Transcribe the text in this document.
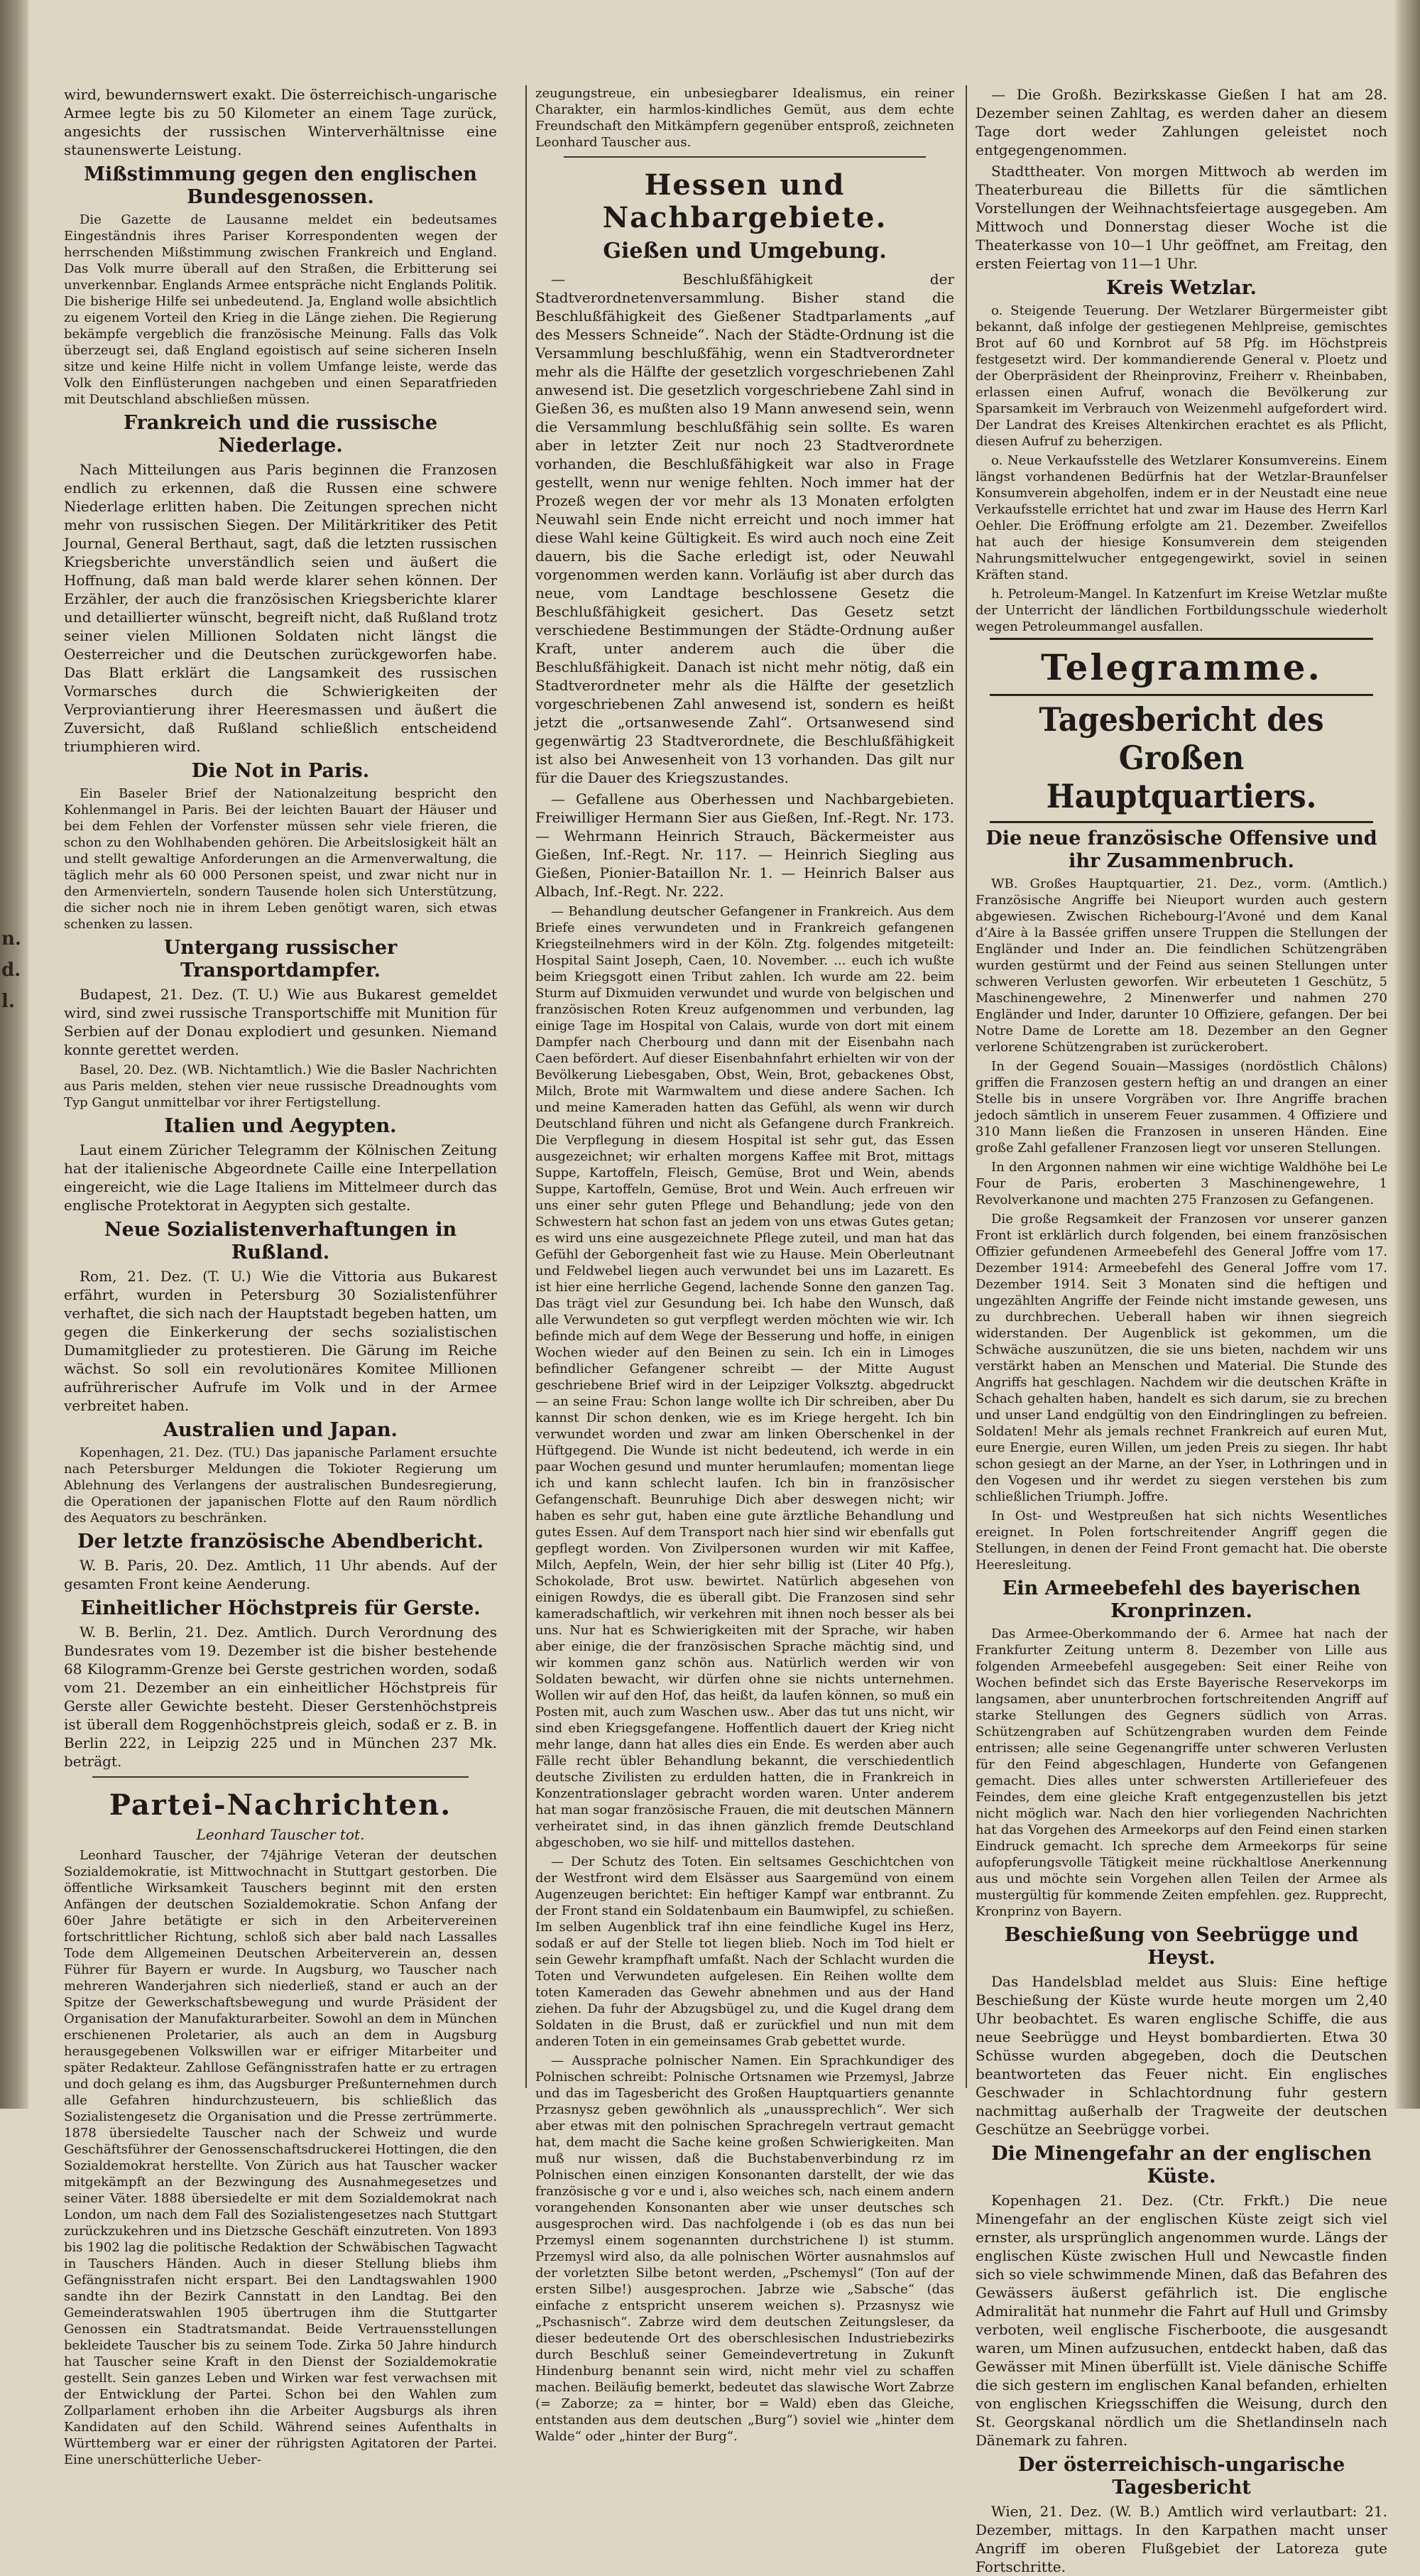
n.
d.
l.

wird, bewundernswert exakt. Die österreichisch-ungarische Armee legte bis zu 50 Kilometer an einem Tage zurück, angesichts der russischen Winterverhältnisse eine staunenswerte Leistung.

Mißstimmung gegen den englischen Bundesgenossen.

Die Gazette de Lausanne meldet ein bedeutsames Eingeständnis ihres Pariser Korrespondenten wegen der herrschenden Mißstimmung zwischen Frankreich und England. Das Volk murre überall auf den Straßen, die Erbitterung sei unverkennbar. Englands Armee entspräche nicht Englands Politik. Die bisherige Hilfe sei unbedeutend. Ja, England wolle absichtlich zu eigenem Vorteil den Krieg in die Länge ziehen. Die Regierung bekämpfe vergeblich die französische Meinung. Falls das Volk überzeugt sei, daß England egoistisch auf seine sicheren Inseln sitze und keine Hilfe nicht in vollem Umfange leiste, werde das Volk den Einflüsterungen nachgeben und einen Separatfrieden mit Deutschland abschließen müssen.

Frankreich und die russische Niederlage.

Nach Mitteilungen aus Paris beginnen die Franzosen endlich zu erkennen, daß die Russen eine schwere Niederlage erlitten haben. Die Zeitungen sprechen nicht mehr von russischen Siegen. Der Militärkritiker des Petit Journal, General Berthaut, sagt, daß die letzten russischen Kriegsberichte unverständlich seien und äußert die Hoffnung, daß man bald werde klarer sehen können. Der Erzähler, der auch die französischen Kriegsberichte klarer und detaillierter wünscht, begreift nicht, daß Rußland trotz seiner vielen Millionen Soldaten nicht längst die Oesterreicher und die Deutschen zurückgeworfen habe. Das Blatt erklärt die Langsamkeit des russischen Vormarsches durch die Schwierigkeiten der Verproviantierung ihrer Heeresmassen und äußert die Zuversicht, daß Rußland schließlich entscheidend triumphieren wird.

Die Not in Paris.

Ein Baseler Brief der Nationalzeitung bespricht den Kohlenmangel in Paris. Bei der leichten Bauart der Häuser und bei dem Fehlen der Vorfenster müssen sehr viele frieren, die schon zu den Wohlhabenden gehören. Die Arbeitslosigkeit hält an und stellt gewaltige Anforderungen an die Armenverwaltung, die täglich mehr als 60 000 Personen speist, und zwar nicht nur in den Armenvierteln, sondern Tausende holen sich Unterstützung, die sicher noch nie in ihrem Leben genötigt waren, sich etwas schenken zu lassen.

Untergang russischer Transportdampfer.

Budapest, 21. Dez. (T. U.) Wie aus Bukarest gemeldet wird, sind zwei russische Transportschiffe mit Munition für Serbien auf der Donau explodiert und gesunken. Niemand konnte gerettet werden.

Basel, 20. Dez. (WB. Nichtamtlich.) Wie die Basler Nachrichten aus Paris melden, stehen vier neue russische Dreadnoughts vom Typ Gangut unmittelbar vor ihrer Fertigstellung.

Italien und Aegypten.

Laut einem Züricher Telegramm der Kölnischen Zeitung hat der italienische Abgeordnete Caille eine Interpellation eingereicht, wie die Lage Italiens im Mittelmeer durch das englische Protektorat in Aegypten sich gestalte.

Neue Sozialistenverhaftungen in Rußland.

Rom, 21. Dez. (T. U.) Wie die Vittoria aus Bukarest erfährt, wurden in Petersburg 30 Sozialistenführer verhaftet, die sich nach der Hauptstadt begeben hatten, um gegen die Einkerkerung der sechs sozialistischen Dumamitglieder zu protestieren. Die Gärung im Reiche wächst. So soll ein revolutionäres Komitee Millionen aufrührerischer Aufrufe im Volk und in der Armee verbreitet haben.

Australien und Japan.

Kopenhagen, 21. Dez. (TU.) Das japanische Parlament ersuchte nach Petersburger Meldungen die Tokioter Regierung um Ablehnung des Verlangens der australischen Bundesregierung, die Operationen der japanischen Flotte auf den Raum nördlich des Aequators zu beschränken.

Der letzte französische Abendbericht.

W. B. Paris, 20. Dez. Amtlich, 11 Uhr abends. Auf der gesamten Front keine Aenderung.

Einheitlicher Höchstpreis für Gerste.

W. B. Berlin, 21. Dez. Amtlich. Durch Verordnung des Bundesrates vom 19. Dezember ist die bisher bestehende 68 Kilogramm-Grenze bei Gerste gestrichen worden, sodaß vom 21. Dezember an ein einheitlicher Höchstpreis für Gerste aller Gewichte besteht. Dieser Gerstenhöchstpreis ist überall dem Roggenhöchstpreis gleich, sodaß er z. B. in Berlin 222, in Leipzig 225 und in München 237 Mk. beträgt.

Partei-Nachrichten.
Leonhard Tauscher tot.

Leonhard Tauscher, der 74jährige Veteran der deutschen Sozialdemokratie, ist Mittwochnacht in Stuttgart gestorben. Die öffentliche Wirksamkeit Tauschers beginnt mit den ersten Anfängen der deutschen Sozialdemokratie. Schon Anfang der 60er Jahre betätigte er sich in den Arbeitervereinen fortschrittlicher Richtung, schloß sich aber bald nach Lassalles Tode dem Allgemeinen Deutschen Arbeiterverein an, dessen Führer für Bayern er wurde. In Augsburg, wo Tauscher nach mehreren Wanderjahren sich niederließ, stand er auch an der Spitze der Gewerkschaftsbewegung und wurde Präsident der Organisation der Manufakturarbeiter. Sowohl an dem in München erschienenen Proletarier, als auch an dem in Augsburg herausgegebenen Volkswillen war er eifriger Mitarbeiter und später Redakteur. Zahllose Gefängnisstrafen hatte er zu ertragen und doch gelang es ihm, das Augsburger Preßunternehmen durch alle Gefahren hindurchzusteuern, bis schließlich das Sozialistengesetz die Organisation und die Presse zertrümmerte. 1878 übersiedelte Tauscher nach der Schweiz und wurde Geschäftsführer der Genossenschaftsdruckerei Hottingen, die den Sozialdemokrat herstellte. Von Zürich aus hat Tauscher wacker mitgekämpft an der Bezwingung des Ausnahmegesetzes und seiner Väter. 1888 übersiedelte er mit dem Sozialdemokrat nach London, um nach dem Fall des Sozialistengesetzes nach Stuttgart zurückzukehren und ins Dietzsche Geschäft einzutreten. Von 1893 bis 1902 lag die politische Redaktion der Schwäbischen Tagwacht in Tauschers Händen. Auch in dieser Stellung bliebs ihm Gefängnisstrafen nicht erspart. Bei den Landtagswahlen 1900 sandte ihn der Bezirk Cannstatt in den Landtag. Bei den Gemeinderatswahlen 1905 übertrugen ihm die Stuttgarter Genossen ein Stadtratsmandat. Beide Vertrauensstellungen bekleidete Tauscher bis zu seinem Tode. Zirka 50 Jahre hindurch hat Tauscher seine Kraft in den Dienst der Sozialdemokratie gestellt. Sein ganzes Leben und Wirken war fest verwachsen mit der Entwicklung der Partei. Schon bei den Wahlen zum Zollparlament erhoben ihn die Arbeiter Augsburgs als ihren Kandidaten auf den Schild. Während seines Aufenthalts in Württemberg war er einer der rührigsten Agitatoren der Partei. Eine unerschütterliche Ueber-

zeugungstreue, ein unbesiegbarer Idealismus, ein reiner Charakter, ein harmlos-kindliches Gemüt, aus dem echte Freundschaft den Mitkämpfern gegenüber entsproß, zeichneten Leonhard Tauscher aus.

Hessen und Nachbargebiete.
Gießen und Umgebung.

— Beschlußfähigkeit der Stadtverordnetenversammlung. Bisher stand die Beschlußfähigkeit des Gießener Stadtparlaments „auf des Messers Schneide“. Nach der Städte-Ordnung ist die Versammlung beschlußfähig, wenn ein Stadtverordneter mehr als die Hälfte der gesetzlich vorgeschriebenen Zahl anwesend ist. Die gesetzlich vorgeschriebene Zahl sind in Gießen 36, es mußten also 19 Mann anwesend sein, wenn die Versammlung beschlußfähig sein sollte. Es waren aber in letzter Zeit nur noch 23 Stadtverordnete vorhanden, die Beschlußfähigkeit war also in Frage gestellt, wenn nur wenige fehlten. Noch immer hat der Prozeß wegen der vor mehr als 13 Monaten erfolgten Neuwahl sein Ende nicht erreicht und noch immer hat diese Wahl keine Gültigkeit. Es wird auch noch eine Zeit dauern, bis die Sache erledigt ist, oder Neuwahl vorgenommen werden kann. Vorläufig ist aber durch das neue, vom Landtage beschlossene Gesetz die Beschlußfähigkeit gesichert. Das Gesetz setzt verschiedene Bestimmungen der Städte-Ordnung außer Kraft, unter anderem auch die über die Beschlußfähigkeit. Danach ist nicht mehr nötig, daß ein Stadtverordneter mehr als die Hälfte der gesetzlich vorgeschriebenen Zahl anwesend ist, sondern es heißt jetzt die „ortsanwesende Zahl“. Ortsanwesend sind gegenwärtig 23 Stadtverordnete, die Beschlußfähigkeit ist also bei Anwesenheit von 13 vorhanden. Das gilt nur für die Dauer des Kriegszustandes.

— Gefallene aus Oberhessen und Nachbargebieten. Freiwilliger Hermann Sier aus Gießen, Inf.-Regt. Nr. 173. — Wehrmann Heinrich Strauch, Bäckermeister aus Gießen, Inf.-Regt. Nr. 117. — Heinrich Siegling aus Gießen, Pionier-Bataillon Nr. 1. — Heinrich Balser aus Albach, Inf.-Regt. Nr. 222.

— Behandlung deutscher Gefangener in Frankreich. Aus dem Briefe eines verwundeten und in Frankreich gefangenen Kriegsteilnehmers wird in der Köln. Ztg. folgendes mitgeteilt: Hospital Saint Joseph, Caen, 10. November. ... euch ich wußte beim Kriegsgott einen Tribut zahlen. Ich wurde am 22. beim Sturm auf Dixmuiden verwundet und wurde von belgischen und französischen Roten Kreuz aufgenommen und verbunden, lag einige Tage im Hospital von Calais, wurde von dort mit einem Dampfer nach Cherbourg und dann mit der Eisenbahn nach Caen befördert. Auf dieser Eisenbahnfahrt erhielten wir von der Bevölkerung Liebesgaben, Obst, Wein, Brot, gebackenes Obst, Milch, Brote mit Warmwaltem und diese andere Sachen. Ich und meine Kameraden hatten das Gefühl, als wenn wir durch Deutschland führen und nicht als Gefangene durch Frankreich. Die Verpflegung in diesem Hospital ist sehr gut, das Essen ausgezeichnet; wir erhalten morgens Kaffee mit Brot, mittags Suppe, Kartoffeln, Fleisch, Gemüse, Brot und Wein, abends Suppe, Kartoffeln, Gemüse, Brot und Wein. Auch erfreuen wir uns einer sehr guten Pflege und Behandlung; jede von den Schwestern hat schon fast an jedem von uns etwas Gutes getan; es wird uns eine ausgezeichnete Pflege zuteil, und man hat das Gefühl der Geborgenheit fast wie zu Hause. Mein Oberleutnant und Feldwebel liegen auch verwundet bei uns im Lazarett. Es ist hier eine herrliche Gegend, lachende Sonne den ganzen Tag. Das trägt viel zur Gesundung bei. Ich habe den Wunsch, daß alle Verwundeten so gut verpflegt werden möchten wie wir. Ich befinde mich auf dem Wege der Besserung und hoffe, in einigen Wochen wieder auf den Beinen zu sein. Ich ein in Limoges befindlicher Gefangener schreibt — der Mitte August geschriebene Brief wird in der Leipziger Volksztg. abgedruckt — an seine Frau: Schon lange wollte ich Dir schreiben, aber Du kannst Dir schon denken, wie es im Kriege hergeht. Ich bin verwundet worden und zwar am linken Oberschenkel in der Hüftgegend. Die Wunde ist nicht bedeutend, ich werde in ein paar Wochen gesund und munter herumlaufen; momentan liege ich und kann schlecht laufen. Ich bin in französischer Gefangenschaft. Beunruhige Dich aber deswegen nicht; wir haben es sehr gut, haben eine gute ärztliche Behandlung und gutes Essen. Auf dem Transport nach hier sind wir ebenfalls gut gepflegt worden. Von Zivilpersonen wurden wir mit Kaffee, Milch, Aepfeln, Wein, der hier sehr billig ist (Liter 40 Pfg.), Schokolade, Brot usw. bewirtet. Natürlich abgesehen von einigen Rowdys, die es überall gibt. Die Franzosen sind sehr kameradschaftlich, wir verkehren mit ihnen noch besser als bei uns. Nur hat es Schwierigkeiten mit der Sprache, wir haben aber einige, die der französischen Sprache mächtig sind, und wir kommen ganz schön aus. Natürlich werden wir von Soldaten bewacht, wir dürfen ohne sie nichts unternehmen. Wollen wir auf den Hof, das heißt, da laufen können, so muß ein Posten mit, auch zum Waschen usw.. Aber das tut uns nicht, wir sind eben Kriegsgefangene. Hoffentlich dauert der Krieg nicht mehr lange, dann hat alles dies ein Ende. Es werden aber auch Fälle recht übler Behandlung bekannt, die verschiedentlich deutsche Zivilisten zu erdulden hatten, die in Frankreich in Konzentrationslager gebracht worden waren. Unter anderem hat man sogar französische Frauen, die mit deutschen Männern verheiratet sind, in das ihnen gänzlich fremde Deutschland abgeschoben, wo sie hilf- und mittellos dastehen.

— Der Schutz des Toten. Ein seltsames Geschichtchen von der Westfront wird dem Elsässer aus Saargemünd von einem Augenzeugen berichtet: Ein heftiger Kampf war entbrannt. Zu der Front stand ein Soldatenbaum ein Baumwipfel, zu schießen. Im selben Augenblick traf ihn eine feindliche Kugel ins Herz, sodaß er auf der Stelle tot liegen blieb. Noch im Tod hielt er sein Gewehr krampfhaft umfaßt. Nach der Schlacht wurden die Toten und Verwundeten aufgelesen. Ein Reihen wollte dem toten Kameraden das Gewehr abnehmen und aus der Hand ziehen. Da fuhr der Abzugsbügel zu, und die Kugel drang dem Soldaten in die Brust, daß er zurückfiel und nun mit dem anderen Toten in ein gemeinsames Grab gebettet wurde.

— Aussprache polnischer Namen. Ein Sprachkundiger des Polnischen schreibt: Polnische Ortsnamen wie Przemysl, Jabrze und das im Tagesbericht des Großen Hauptquartiers genannte Przasnysz geben gewöhnlich als „unaussprechlich“. Wer sich aber etwas mit den polnischen Sprachregeln vertraut gemacht hat, dem macht die Sache keine großen Schwierigkeiten. Man muß nur wissen, daß die Buchstabenverbindung rz im Polnischen einen einzigen Konsonanten darstellt, der wie das französische g vor e und i, also weiches sch, nach einem andern vorangehenden Konsonanten aber wie unser deutsches sch ausgesprochen wird. Das nachfolgende i (ob es das nun bei Przemysl einem sogenannten durchstrichene l) ist stumm. Przemysl wird also, da alle polnischen Wörter ausnahmslos auf der vorletzten Silbe betont werden, „Pschemysl“ (Ton auf der ersten Silbe!) ausgesprochen. Jabrze wie „Sabsche“ (das einfache z entspricht unserem weichen s). Przasnysz wie „Pschasnisch“. Zabrze wird dem deutschen Zeitungsleser, da dieser bedeutende Ort des oberschlesischen Industriebezirks durch Beschluß seiner Gemeindevertretung in Zukunft Hindenburg benannt sein wird, nicht mehr viel zu schaffen machen. Beiläufig bemerkt, bedeutet das slawische Wort Zabrze (= Zaborze; za = hinter, bor = Wald) eben das Gleiche, entstanden aus dem deutschen „Burg“) soviel wie „hinter dem Walde“ oder „hinter der Burg“.

— Die Großh. Bezirkskasse Gießen I hat am 28. Dezember seinen Zahltag, es werden daher an diesem Tage dort weder Zahlungen geleistet noch entgegengenommen.

Stadttheater. Von morgen Mittwoch ab werden im Theaterbureau die Billetts für die sämtlichen Vorstellungen der Weihnachtsfeiertage ausgegeben. Am Mittwoch und Donnerstag dieser Woche ist die Theaterkasse von 10—1 Uhr geöffnet, am Freitag, den ersten Feiertag von 11—1 Uhr.

Kreis Wetzlar.

o. Steigende Teuerung. Der Wetzlarer Bürgermeister gibt bekannt, daß infolge der gestiegenen Mehlpreise, gemischtes Brot auf 60 und Kornbrot auf 58 Pfg. im Höchstpreis festgesetzt wird. Der kommandierende General v. Ploetz und der Oberpräsident der Rheinprovinz, Freiherr v. Rheinbaben, erlassen einen Aufruf, wonach die Bevölkerung zur Sparsamkeit im Verbrauch von Weizenmehl aufgefordert wird. Der Landrat des Kreises Altenkirchen erachtet es als Pflicht, diesen Aufruf zu beherzigen.

o. Neue Verkaufsstelle des Wetzlarer Konsumvereins. Einem längst vorhandenen Bedürfnis hat der Wetzlar-Braunfelser Konsumverein abgeholfen, indem er in der Neustadt eine neue Verkaufsstelle errichtet hat und zwar im Hause des Herrn Karl Oehler. Die Eröffnung erfolgte am 21. Dezember. Zweifellos hat auch der hiesige Konsumverein dem steigenden Nahrungsmittelwucher entgegengewirkt, soviel in seinen Kräften stand.

h. Petroleum-Mangel. In Katzenfurt im Kreise Wetzlar mußte der Unterricht der ländlichen Fortbildungsschule wiederholt wegen Petroleummangel ausfallen.

Telegramme.
Tagesbericht des Großen Hauptquartiers.
Die neue französische Offensive und ihr Zusammenbruch.

WB. Großes Hauptquartier, 21. Dez., vorm. (Amtlich.) Französische Angriffe bei Nieuport wurden auch gestern abgewiesen. Zwischen Richebourg-l’Avoné und dem Kanal d’Aire à la Bassée griffen unsere Truppen die Stellungen der Engländer und Inder an. Die feindlichen Schützengräben wurden gestürmt und der Feind aus seinen Stellungen unter schweren Verlusten geworfen. Wir erbeuteten 1 Geschütz, 5 Maschinengewehre, 2 Minenwerfer und nahmen 270 Engländer und Inder, darunter 10 Offiziere, gefangen. Der bei Notre Dame de Lorette am 18. Dezember an den Gegner verlorene Schützengraben ist zurückerobert.

In der Gegend Souain—Massiges (nordöstlich Châlons) griffen die Franzosen gestern heftig an und drangen an einer Stelle bis in unsere Vorgräben vor. Ihre Angriffe brachen jedoch sämtlich in unserem Feuer zusammen. 4 Offiziere und 310 Mann ließen die Franzosen in unseren Händen. Eine große Zahl gefallener Franzosen liegt vor unseren Stellungen.

In den Argonnen nahmen wir eine wichtige Waldhöhe bei Le Four de Paris, eroberten 3 Maschinengewehre, 1 Revolverkanone und machten 275 Franzosen zu Gefangenen.

Die große Regsamkeit der Franzosen vor unserer ganzen Front ist erklärlich durch folgenden, bei einem französischen Offizier gefundenen Armeebefehl des General Joffre vom 17. Dezember 1914: Armeebefehl des General Joffre vom 17. Dezember 1914. Seit 3 Monaten sind die heftigen und ungezählten Angriffe der Feinde nicht imstande gewesen, uns zu durchbrechen. Ueberall haben wir ihnen siegreich widerstanden. Der Augenblick ist gekommen, um die Schwäche auszunützen, die sie uns bieten, nachdem wir uns verstärkt haben an Menschen und Material. Die Stunde des Angriffs hat geschlagen. Nachdem wir die deutschen Kräfte in Schach gehalten haben, handelt es sich darum, sie zu brechen und unser Land endgültig von den Eindringlingen zu befreien. Soldaten! Mehr als jemals rechnet Frankreich auf euren Mut, eure Energie, euren Willen, um jeden Preis zu siegen. Ihr habt schon gesiegt an der Marne, an der Yser, in Lothringen und in den Vogesen und ihr werdet zu siegen verstehen bis zum schließlichen Triumph. Joffre.

In Ost- und Westpreußen hat sich nichts Wesentliches ereignet. In Polen fortschreitender Angriff gegen die Stellungen, in denen der Feind Front gemacht hat. Die oberste Heeresleitung.

Ein Armeebefehl des bayerischen Kronprinzen.

Das Armee-Oberkommando der 6. Armee hat nach der Frankfurter Zeitung unterm 8. Dezember von Lille aus folgenden Armeebefehl ausgegeben: Seit einer Reihe von Wochen befindet sich das Erste Bayerische Reservekorps im langsamen, aber ununterbrochen fortschreitenden Angriff auf starke Stellungen des Gegners südlich von Arras. Schützengraben auf Schützengraben wurden dem Feinde entrissen; alle seine Gegenangriffe unter schweren Verlusten für den Feind abgeschlagen, Hunderte von Gefangenen gemacht. Dies alles unter schwersten Artilleriefeuer des Feindes, dem eine gleiche Kraft entgegenzustellen bis jetzt nicht möglich war. Nach den hier vorliegenden Nachrichten hat das Vorgehen des Armeekorps auf den Feind einen starken Eindruck gemacht. Ich spreche dem Armeekorps für seine aufopferungsvolle Tätigkeit meine rückhaltlose Anerkennung aus und möchte sein Vorgehen allen Teilen der Armee als mustergültig für kommende Zeiten empfehlen. gez. Rupprecht, Kronprinz von Bayern.

Beschießung von Seebrügge und Heyst.

Das Handelsblad meldet aus Sluis: Eine heftige Beschießung der Küste wurde heute morgen um 2,40 Uhr beobachtet. Es waren englische Schiffe, die aus neue Seebrügge und Heyst bombardierten. Etwa 30 Schüsse wurden abgegeben, doch die Deutschen beantworteten das Feuer nicht. Ein englisches Geschwader in Schlachtordnung fuhr gestern nachmittag außerhalb der Tragweite der deutschen Geschütze an Seebrügge vorbei.

Die Minengefahr an der englischen Küste.

Kopenhagen 21. Dez. (Ctr. Frkft.) Die neue Minengefahr an der englischen Küste zeigt sich viel ernster, als ursprünglich angenommen wurde. Längs der englischen Küste zwischen Hull und Newcastle finden sich so viele schwimmende Minen, daß das Befahren des Gewässers äußerst gefährlich ist. Die englische Admiralität hat nunmehr die Fahrt auf Hull und Grimsby verboten, weil englische Fischerboote, die ausgesandt waren, um Minen aufzusuchen, entdeckt haben, daß das Gewässer mit Minen überfüllt ist. Viele dänische Schiffe die sich gestern im englischen Kanal befanden, erhielten von englischen Kriegsschiffen die Weisung, durch den St. Georgskanal nördlich um die Shetlandinseln nach Dänemark zu fahren.

Der österreichisch-ungarische Tagesbericht

Wien, 21. Dez. (W. B.) Amtlich wird verlautbart: 21. Dezember, mittags. In den Karpathen macht unser Angriff im oberen Flußgebiet der Latoreza gute Fortschritte.
